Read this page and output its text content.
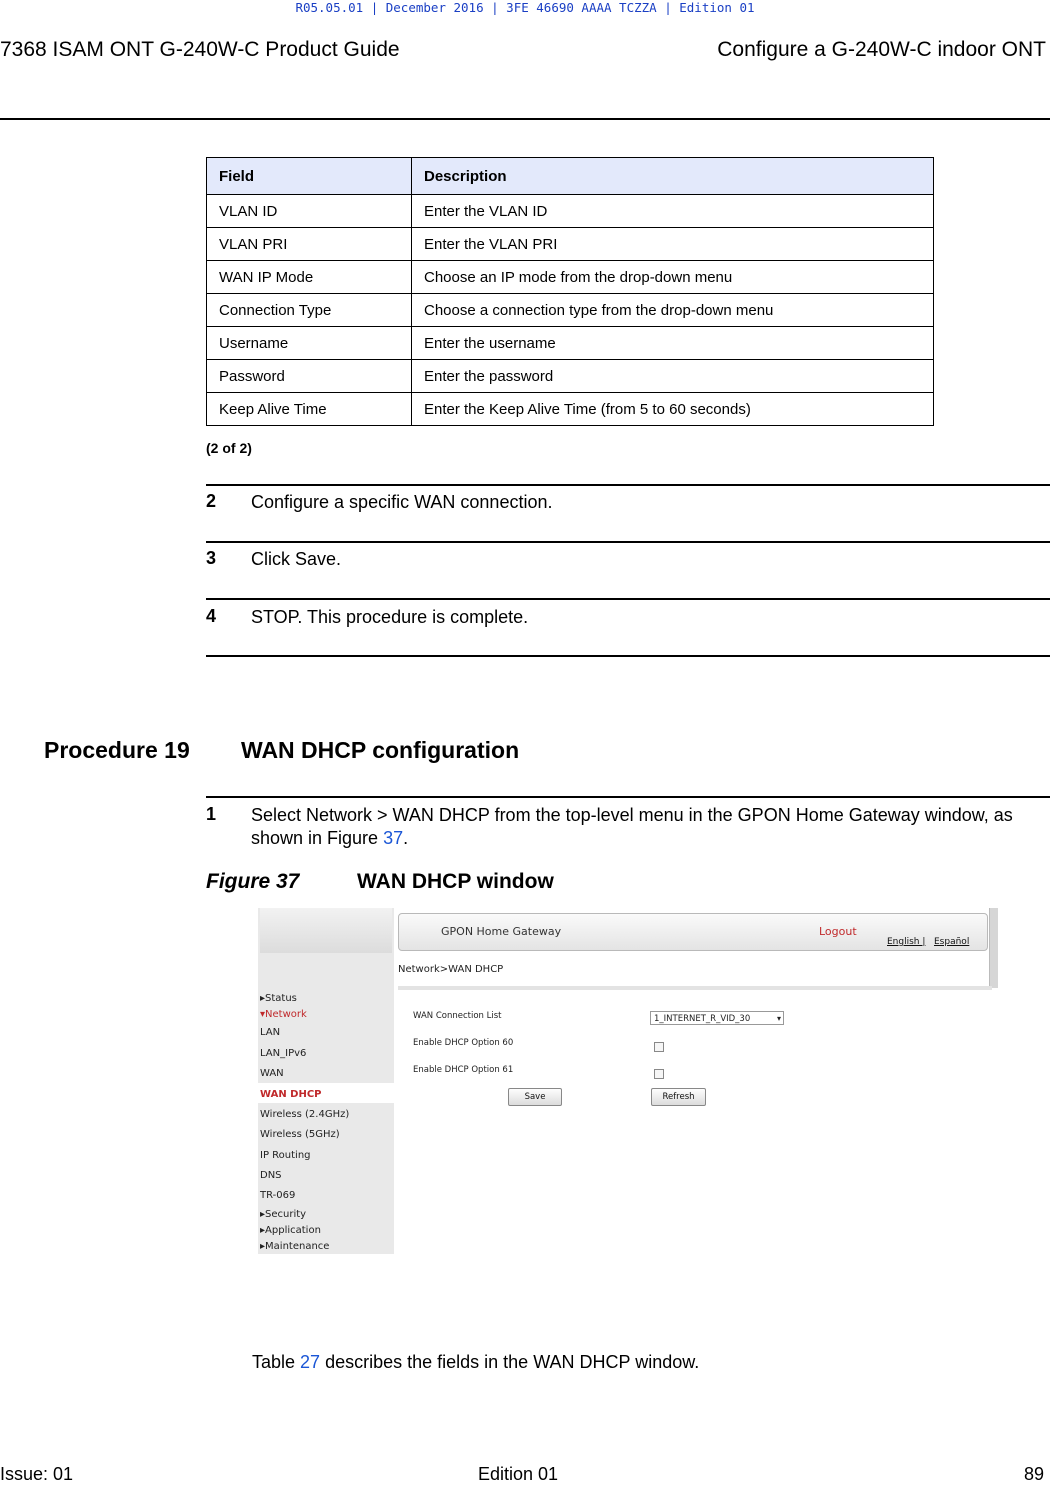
R05.05.01 | December 2016 | 3FE 46690 AAAA TCZZA | Edition 01
7368 ISAM ONT G-240W-C Product Guide	Configure a G-240W-C indoor ONT
Field	Description
VLAN ID	Enter the VLAN ID
VLAN PRI	Enter the VLAN PRI
WAN IP Mode	Choose an IP mode from the drop-down menu
Connection Type	Choose a connection type from the drop-down menu
Username	Enter the username
Password	Enter the password
Keep Alive Time	Enter the Keep Alive Time (from 5 to 60 seconds)
(2 of 2)
2 Configure a specific WAN connection.
3 Click Save.
4 STOP. This procedure is complete.
Procedure 19 WAN DHCP configuration
1 Select Network > WAN DHCP from the top-level menu in the GPON Home Gateway window, as shown in Figure 37.
Figure 37	WAN DHCP window
▸Status
▾Network
LAN
LAN_IPv6
WAN
WAN DHCP
Wireless (2.4GHz)
Wireless (5GHz)
IP Routing
DNS
TR-069
▸Security
▸Application
▸Maintenance
GPON Home Gateway	Logout
English | Español
Network>WAN DHCP
WAN Connection List	1_INTERNET_R_VID_30	▾
Enable DHCP Option 60
Enable DHCP Option 61
Save	Refresh
Table 27 describes the fields in the WAN DHCP window.
Issue: 01	Edition 01	89
